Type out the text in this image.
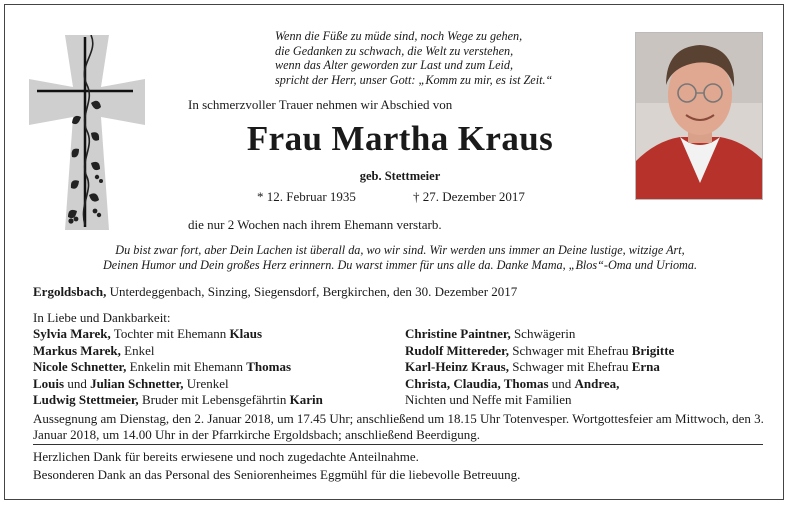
Wenn die Füße zu müde sind, noch Wege zu gehen,
die Gedanken zu schwach, die Welt zu verstehen,
wenn das Alter geworden zur Last und zum Leid,
spricht der Herr, unser Gott: „Komm zu mir, es ist Zeit.“
In schmerzvoller Trauer nehmen wir Abschied von
Frau Martha Kraus
geb. Stettmeier
* 12. Februar 1935	† 27. Dezember 2017
die nur 2 Wochen nach ihrem Ehemann verstarb.
Du bist zwar fort, aber Dein Lachen ist überall da, wo wir sind. Wir werden uns immer an Deine lustige, witzige Art,
Deinen Humor und Dein großes Herz erinnern. Du warst immer für uns alle da. Danke Mama, „Blos“-Oma und Urioma.
Ergoldsbach, Unterdeggenbach, Sinzing, Siegensdorf, Bergkirchen, den 30. Dezember 2017
In Liebe und Dankbarkeit:
Sylvia Marek, Tochter mit Ehemann Klaus
Markus Marek, Enkel
Nicole Schnetter, Enkelin mit Ehemann Thomas
Louis und Julian Schnetter, Urenkel
Ludwig Stettmeier, Bruder mit Lebensgefährtin Karin
Christine Paintner, Schwägerin
Rudolf Mittereder, Schwager mit Ehefrau Brigitte
Karl-Heinz Kraus, Schwager mit Ehefrau Erna
Christa, Claudia, Thomas und Andrea,
Nichten und Neffe mit Familien
Aussegnung am Dienstag, den 2. Januar 2018, um 17.45 Uhr; anschließend um 18.15 Uhr Totenvesper. Wortgottesfeier am Mittwoch, den 3. Januar 2018, um 14.00 Uhr in der Pfarrkirche Ergoldsbach; anschließend Beerdigung.
Herzlichen Dank für bereits erwiesene und noch zugedachte Anteilnahme.
Besonderen Dank an das Personal des Seniorenheimes Eggmühl für die liebevolle Betreuung.
